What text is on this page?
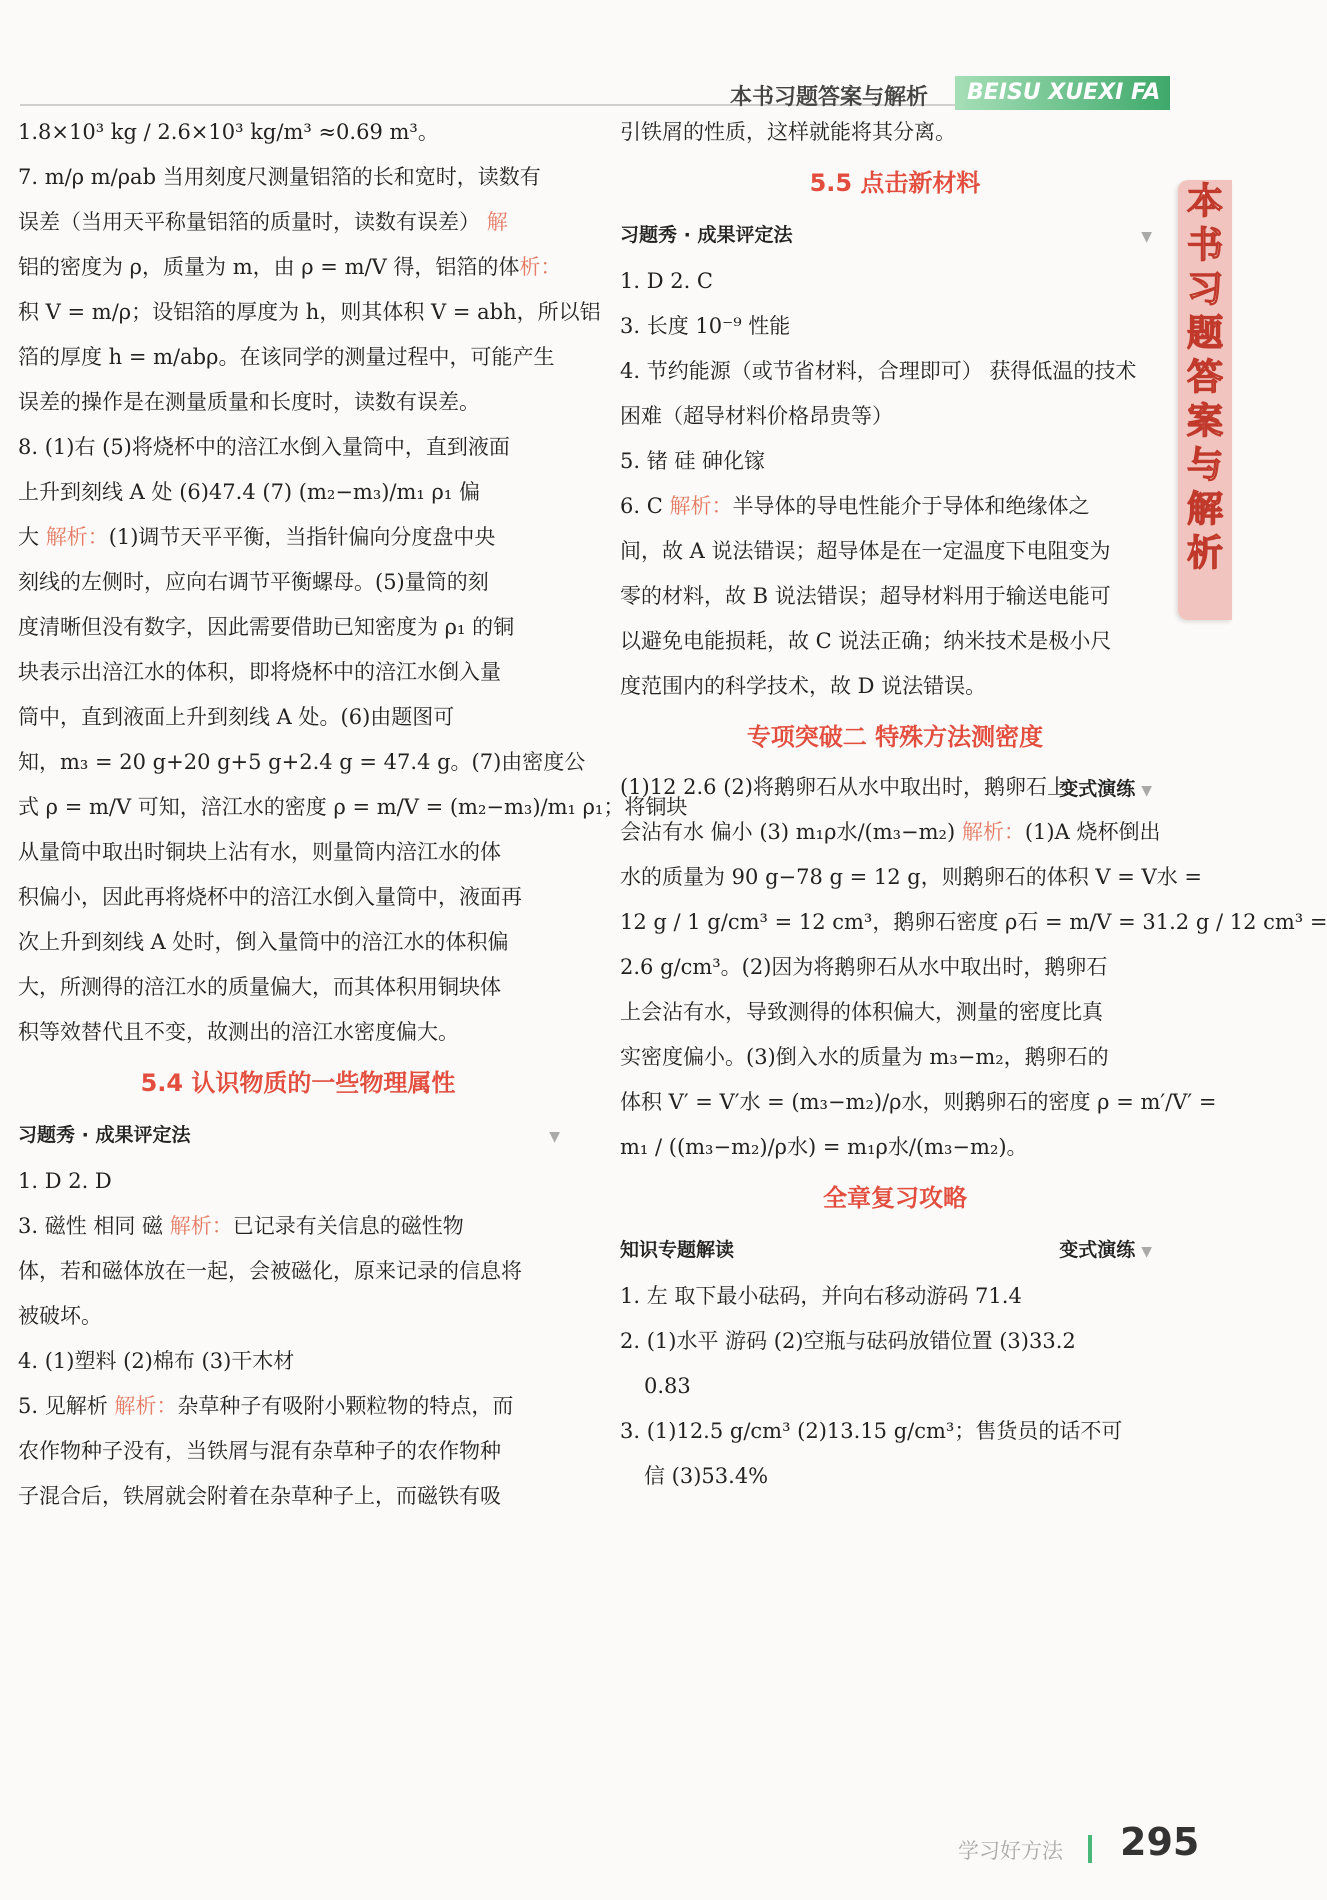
本书习题答案与解析	BEISU XUEXI FA
本
书
习
题
答
案
与
解
析
1.8×10³ kg / 2.6×10³ kg/m³ ≈0.69 m³。
7. m/ρ m/ρab 当用刻度尺测量铝箔的长和宽时，读数有
误差（当用天平称量铝箔的质量时，读数有误差） 解
铝的密度为 ρ，质量为 m，由 ρ = m/V 得，铝箔的体析：
积 V = m/ρ；设铝箔的厚度为 h，则其体积 V = abh，所以铝
箔的厚度 h = m/abρ。在该同学的测量过程中，可能产生
误差的操作是在测量质量和长度时，读数有误差。
8. (1)右 (5)将烧杯中的涪江水倒入量筒中，直到液面
上升到刻线 A 处 (6)47.4 (7) (m₂−m₃)/m₁ ρ₁ 偏
大 解析：(1)调节天平平衡，当指针偏向分度盘中央
刻线的左侧时，应向右调节平衡螺母。(5)量筒的刻
度清晰但没有数字，因此需要借助已知密度为 ρ₁ 的铜
块表示出涪江水的体积，即将烧杯中的涪江水倒入量
筒中，直到液面上升到刻线 A 处。(6)由题图可
知，m₃ = 20 g+20 g+5 g+2.4 g = 47.4 g。(7)由密度公
式 ρ = m/V 可知，涪江水的密度 ρ = m/V = (m₂−m₃)/m₁ ρ₁；将铜块
从量筒中取出时铜块上沾有水，则量筒内涪江水的体
积偏小，因此再将烧杯中的涪江水倒入量筒中，液面再
次上升到刻线 A 处时，倒入量筒中的涪江水的体积偏
大，所测得的涪江水的质量偏大，而其体积用铜块体
积等效替代且不变，故测出的涪江水密度偏大。
5.4 认识物质的一些物理属性
习题秀 · 成果评定法	▼
1. D 2. D
3. 磁性 相同 磁 解析：已记录有关信息的磁性物
体，若和磁体放在一起，会被磁化，原来记录的信息将
被破坏。
4. (1)塑料 (2)棉布 (3)干木材
5. 见解析 解析：杂草种子有吸附小颗粒物的特点，而
农作物种子没有，当铁屑与混有杂草种子的农作物种
子混合后，铁屑就会附着在杂草种子上，而磁铁有吸
引铁屑的性质，这样就能将其分离。
5.5 点击新材料
习题秀 · 成果评定法	▼
1. D 2. C
3. 长度 10⁻⁹ 性能
4. 节约能源（或节省材料，合理即可） 获得低温的技术
困难（超导材料价格昂贵等）
5. 锗 硅 砷化镓
6. C 解析：半导体的导电性能介于导体和绝缘体之
间，故 A 说法错误；超导体是在一定温度下电阻变为
零的材料，故 B 说法错误；超导材料用于输送电能可
以避免电能损耗，故 C 说法正确；纳米技术是极小尺
度范围内的科学技术，故 D 说法错误。
专项突破二 特殊方法测密度
变式演练 ▼
(1)12 2.6 (2)将鹅卵石从水中取出时，鹅卵石上
会沾有水 偏小 (3) m₁ρ水/(m₃−m₂) 解析：(1)A 烧杯倒出
水的质量为 90 g−78 g = 12 g，则鹅卵石的体积 V = V水 =
12 g / 1 g/cm³ = 12 cm³，鹅卵石密度 ρ石 = m/V = 31.2 g / 12 cm³ =
2.6 g/cm³。(2)因为将鹅卵石从水中取出时，鹅卵石
上会沾有水，导致测得的体积偏大，测量的密度比真
实密度偏小。(3)倒入水的质量为 m₃−m₂，鹅卵石的
体积 V′ = V′水 = (m₃−m₂)/ρ水，则鹅卵石的密度 ρ = m′/V′ =
m₁ / ((m₃−m₂)/ρ水) = m₁ρ水/(m₃−m₂)。
全章复习攻略
知识专题解读	变式演练 ▼
1. 左 取下最小砝码，并向右移动游码 71.4
2. (1)水平 游码 (2)空瓶与砝码放错位置 (3)33.2
0.83
3. (1)12.5 g/cm³ (2)13.15 g/cm³；售货员的话不可
信 (3)53.4%
学习好方法 295
